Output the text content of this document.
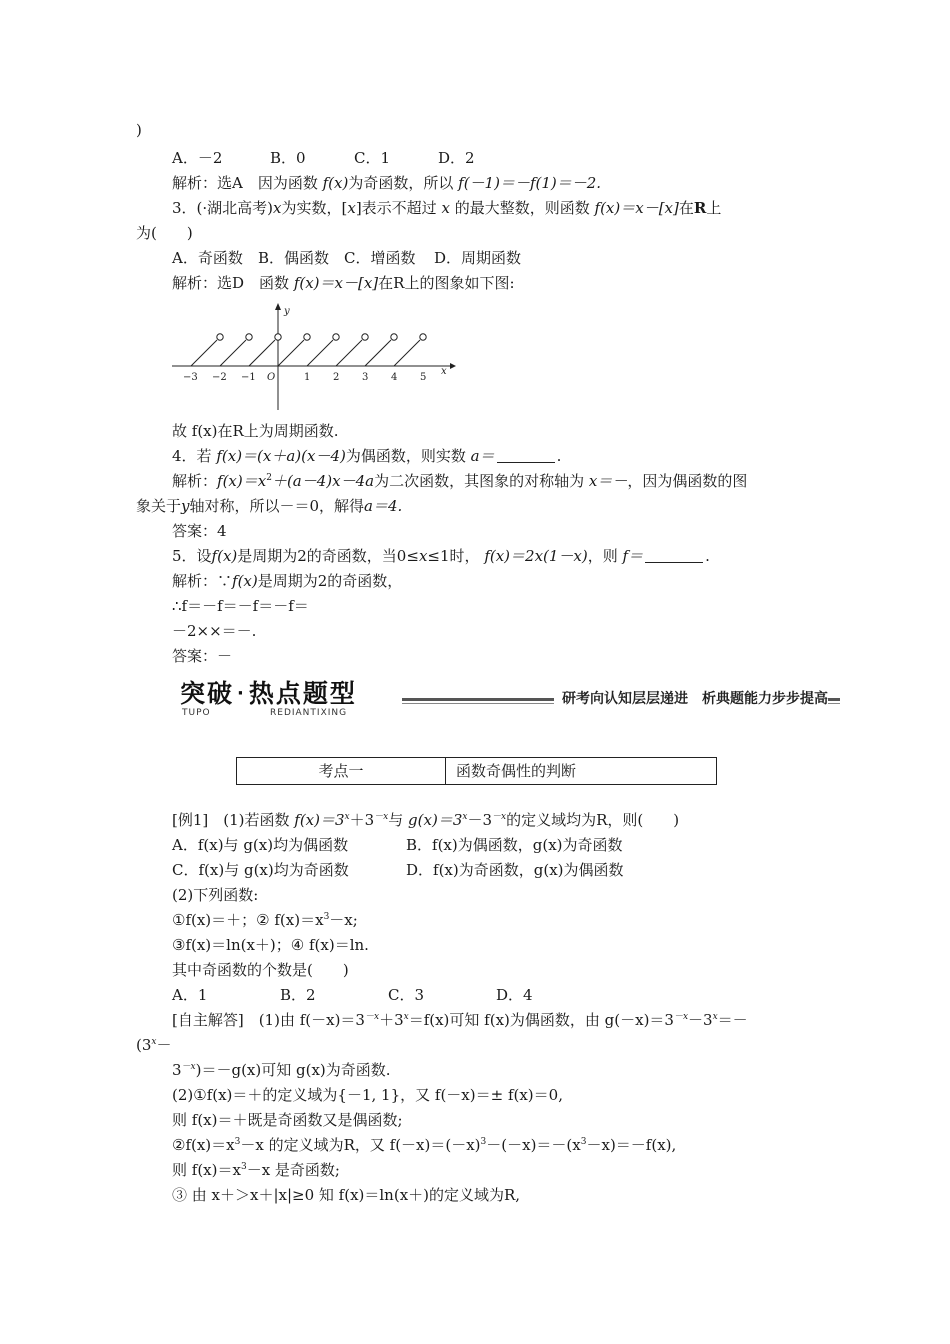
)
A．－2	B．0	C．1	D．2
解析：选A　因为函数 f(x)为奇函数，所以 f(－1)＝－f(1)＝－2.
3．(·湖北高考)x为实数，[x]表示不超过 x 的最大整数，则函数 f(x)＝x－[x]在R上
为(　　)
A．奇函数 B．偶函数 C．增函数 D．周期函数
解析：选D　函数 f(x)＝x－[x]在R上的图象如下图:
y
x
O
−3 −2 −1	1 2 3 4 5
故 f(x)在R上为周期函数.
4．若 f(x)＝(x＋a)(x－4)为偶函数，则实数 a＝	.
解析：$f(x)=x^2+(a-4)x-4a$为二次函数，其图象的对称轴为 x＝－，因为偶函数的图
象关于y轴对称，所以－＝0，解得a＝4.
答案：4
5．设f(x)是周期为2的奇函数，当0≤x≤1时， f(x)＝2x(1－x)，则 f＝	.
解析：∵f(x)是周期为2的奇函数，
∴f＝－f＝－f＝－f＝
－2××＝－.
答案：－
突破 · 热点题型
TUPO	REDIANTIXING
研考向认知层层递进　析典题能力步步提高
考点一	函数奇偶性的判断
[例1]　(1)若函数 $f(x)=3^x+3^{-x}$与 $g(x)=3^x-3^{-x}$的定义域均为R，则(　　)
A．f(x)与 g(x)均为偶函数	B．f(x)为偶函数，g(x)为奇函数
C．f(x)与 g(x)均为奇函数	D．f(x)为奇函数，g(x)为偶函数
(2)下列函数:
①f(x)＝＋；② $f(x)=x^3-x$;
③f(x)＝ln(x＋)；④ f(x)＝ln.
其中奇函数的个数是(　　)
A．1	B．2	C．3	D．4
[自主解答]　(1)由 $f(-x)=3^{-x}+3^x=f(x)$可知 f(x)为偶函数，由 $g(-x)=3^{-x}-3^x=-$
($3^x-$
$3^{-x})=-g(x)$可知 g(x)为奇函数.
(2)①f(x)＝＋的定义域为{－1, 1}，又 f(－x)＝± f(x)＝0,
则 f(x)＝＋既是奇函数又是偶函数;
$②f(x)=x^3-x$ 的定义域为R，又 $f(-x)=(-x)^3-(-x)=-(x^3-x)=-f(x)$,
则 $f(x)=x^3-x$ 是奇函数;
③ 由 x＋＞x＋|x|≥0 知 f(x)＝ln(x＋)的定义域为R,
